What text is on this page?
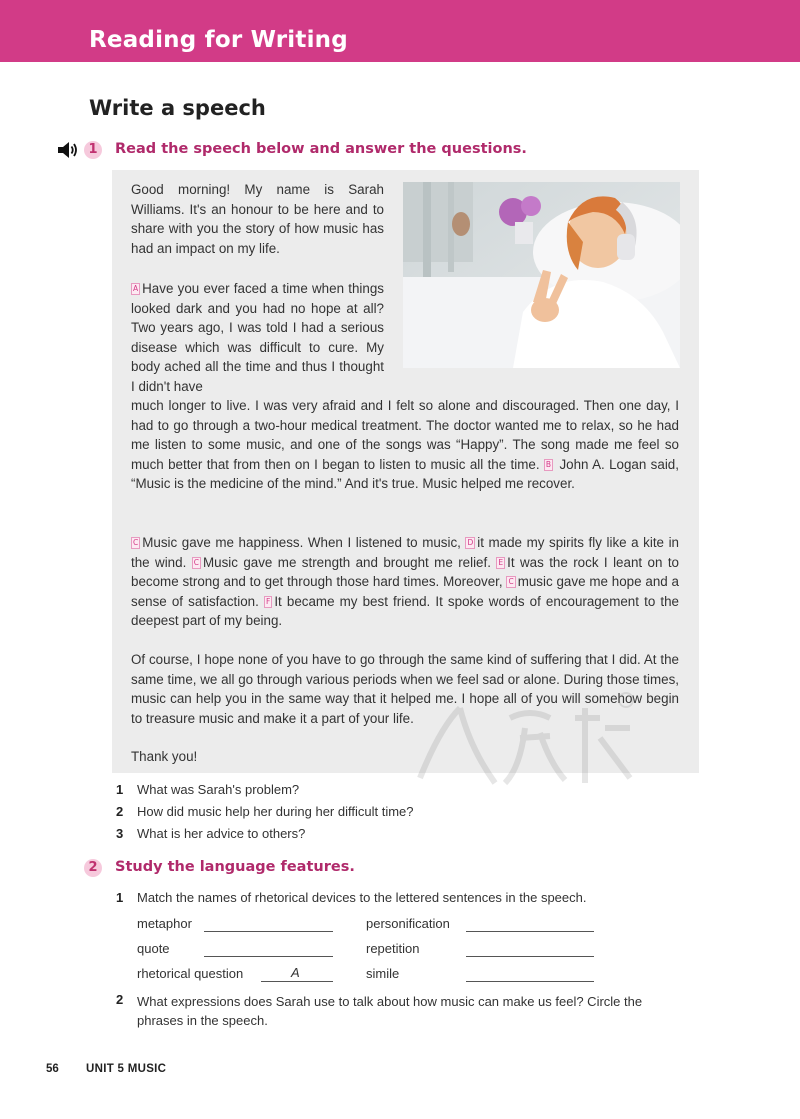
Reading for Writing
Write a speech
1	Read the speech below and answer the questions.
Good morning! My name is Sarah Williams. It's an honour to be here and to share with you the story of how music has had an impact on my life.
A Have you ever faced a time when things looked dark and you had no hope at all? Two years ago, I was told I had a serious disease which was difficult to cure. My body ached all the time and thus I thought I didn't have
much longer to live. I was very afraid and I felt so alone and discouraged. Then one day, I had to go through a two-hour medical treatment. The doctor wanted me to relax, so he had me listen to some music, and one of the songs was “Happy”. The song made me feel so much better that from then on I began to listen to music all the time. B John A. Logan said, “Music is the medicine of the mind.” And it's true. Music helped me recover.
C Music gave me happiness. When I listened to music, D it made my spirits fly like a kite in the wind. C Music gave me strength and brought me relief. E It was the rock I leant on to become strong and to get through those hard times. Moreover, C music gave me hope and a sense of satisfaction. F It became my best friend. It spoke words of encouragement to the deepest part of my being.
Of course, I hope none of you have to go through the same kind of suffering that I did. At the same time, we all go through various periods when we feel sad or alone. During those times, music can help you in the same way that it helped me. I hope all of you will somehow begin to treasure music and make it a part of your life.
Thank you!
1 What was Sarah's problem?
2 How did music help her during her difficult time?
3 What is her advice to others?
2	Study the language features.
1 Match the names of rhetorical devices to the lettered sentences in the speech.
metaphor	personification
quote	repetition
rhetorical question	A	simile
2 What expressions does Sarah use to talk about how music can make us feel? Circle the phrases in the speech.
56 UNIT 5 MUSIC
